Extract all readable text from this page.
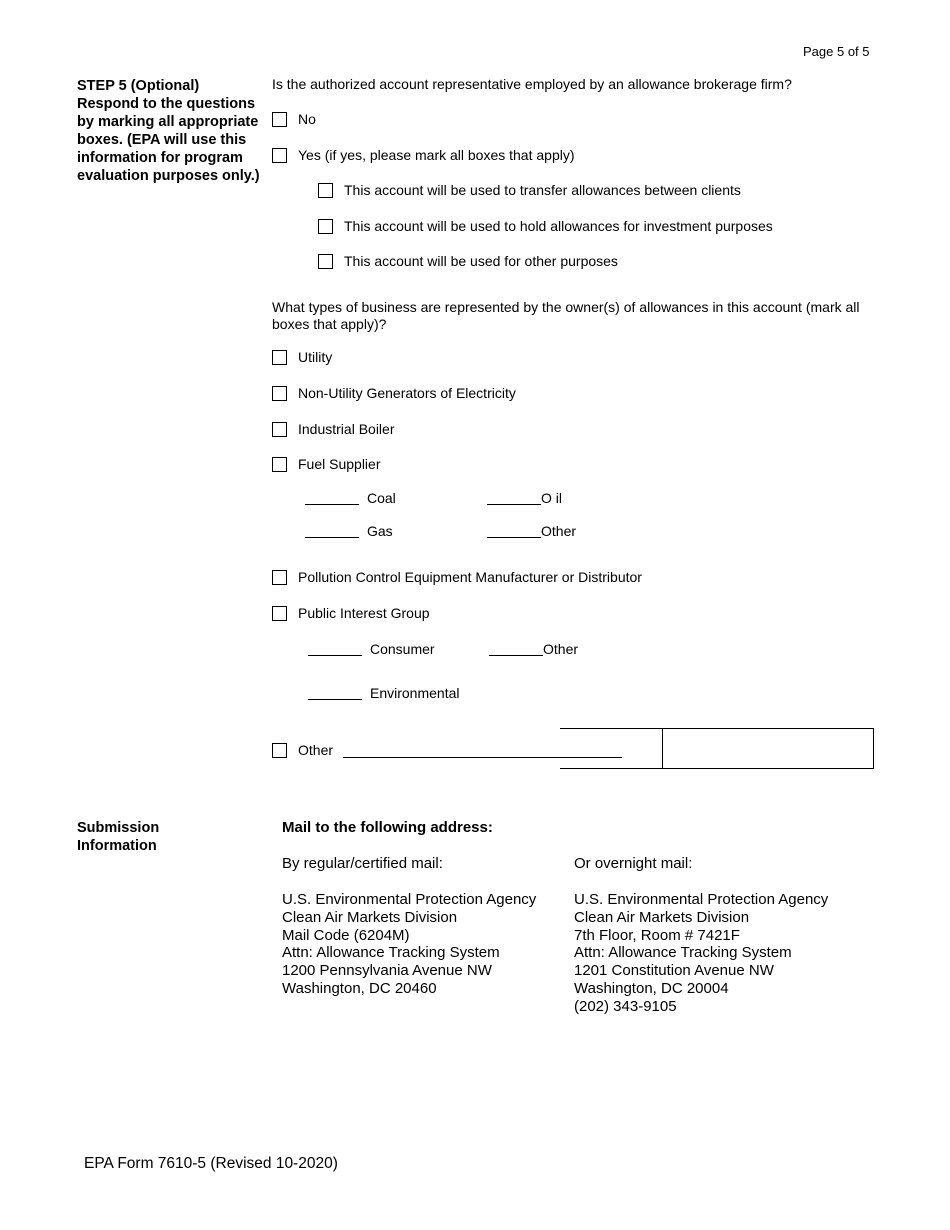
Page 5 of 5
STEP 5 (Optional) Respond to the questions by marking all appropriate boxes. (EPA will use this information for program evaluation purposes only.)
Is the authorized account representative employed by an allowance brokerage firm?
No
Yes (if yes, please mark all boxes that apply)
This account will be used to transfer allowances between clients
This account will be used to hold allowances for investment purposes
This account will be used for other purposes
What types of business are represented by the owner(s) of allowances in this account (mark all boxes that apply)?
Utility
Non-Utility Generators of Electricity
Industrial Boiler
Fuel Supplier
Coal	O il
Gas	Other
Pollution Control Equipment Manufacturer or Distributor
Public Interest Group
Consumer	Other
Environmental
Other
Submission Information
Mail to the following address:
By regular/certified mail:
U.S. Environmental Protection Agency
Clean Air Markets Division
Mail Code (6204M)
Attn: Allowance Tracking System
1200 Pennsylvania Avenue NW
Washington, DC 20460
Or overnight mail:
U.S. Environmental Protection Agency
Clean Air Markets Division
7th Floor, Room # 7421F
Attn: Allowance Tracking System
1201 Constitution Avenue NW
Washington, DC 20004
(202) 343-9105
EPA Form 7610-5 (Revised 10-2020)
